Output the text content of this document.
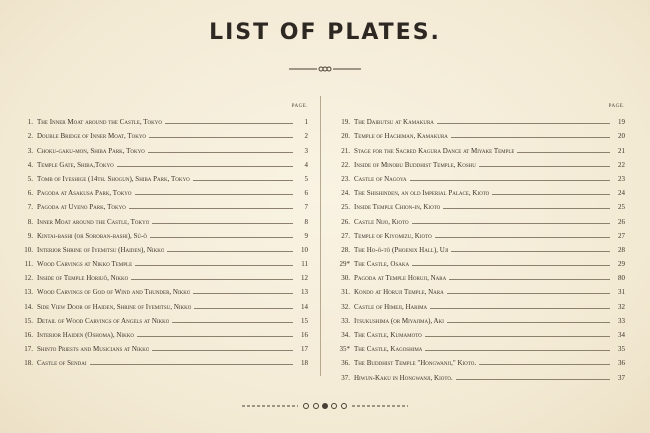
LIST OF PLATES.
PAGE.
1. The Inner Moat around the Castle, Tokyo	1
2. Double Bridge of Inner Moat, Tokyo	2
3. Choku-gaku-mon, Shiba Park, Tokyo	3
4. Temple Gate, Shiba,Tokyo	4
5. Tomb of Iyeshige (14th. Shogun), Shiba Park, Tokyo	5
6. Pagoda at Asakusa Park, Tokyo	6
7. Pagoda at Uyeno Park, Tokyo	7
8. Inner Moat around the Castle, Tokyo	8
9. Kintai-bashi (or Soroban-bashi), Sú-ō	9
10. Interior Shrine of Iyemitsu (Haiden), Nikko	10
11. Wood Carvings at Nikko Temple	11
12. Inside of Temple Horiuō, Nikko	12
13. Wood Carvings of God of Wind and Thunder, Nikko	13
14. Side View Door of Haiden, Shrine of Iyemitsu, Nikko	14
15. Detail of Wood Carvings of Angels at Nikko	15
16. Interior Haiden (Oshoma), Nikko	16
17. Shinto Priests and Musicians at Nikko	17
18. Castle of Sendai	18
PAGE.
19. The Daibutsu at Kamakura	19
20. Temple of Hachiman, Kamakura	20
21. Stage for the Sacred Kagura Dance at Miyake Temple	21
22. Inside of Minobu Buddhist Temple, Koshu	22
23. Castle of Nagoya	23
24. The Shishinden, an old Imperial Palace, Kioto	24
25. Inside Temple Chion-in, Kioto	25
26. Castle Nijo, Kioto	26
27. Temple of Kiyomizu, Kioto	27
28. The Ho-ō-tō (Phoenix Hall), Uji	28
29* The Castle, Osaka	29
30. Pagoda at Temple Horuji, Nara	80
31. Kondo at Horuji Temple, Nara	31
32. Castle of Himeji, Harima	32
33. Itsukushima (or Miyajima), Aki	33
34. The Castle, Kumamoto	34
35* The Castle, Kagoshima	35
36. The Buddhist Temple "Hongwanji," Kioto.	36
37. Hiwun-Kaku in Hongwanji, Kioto.	37
